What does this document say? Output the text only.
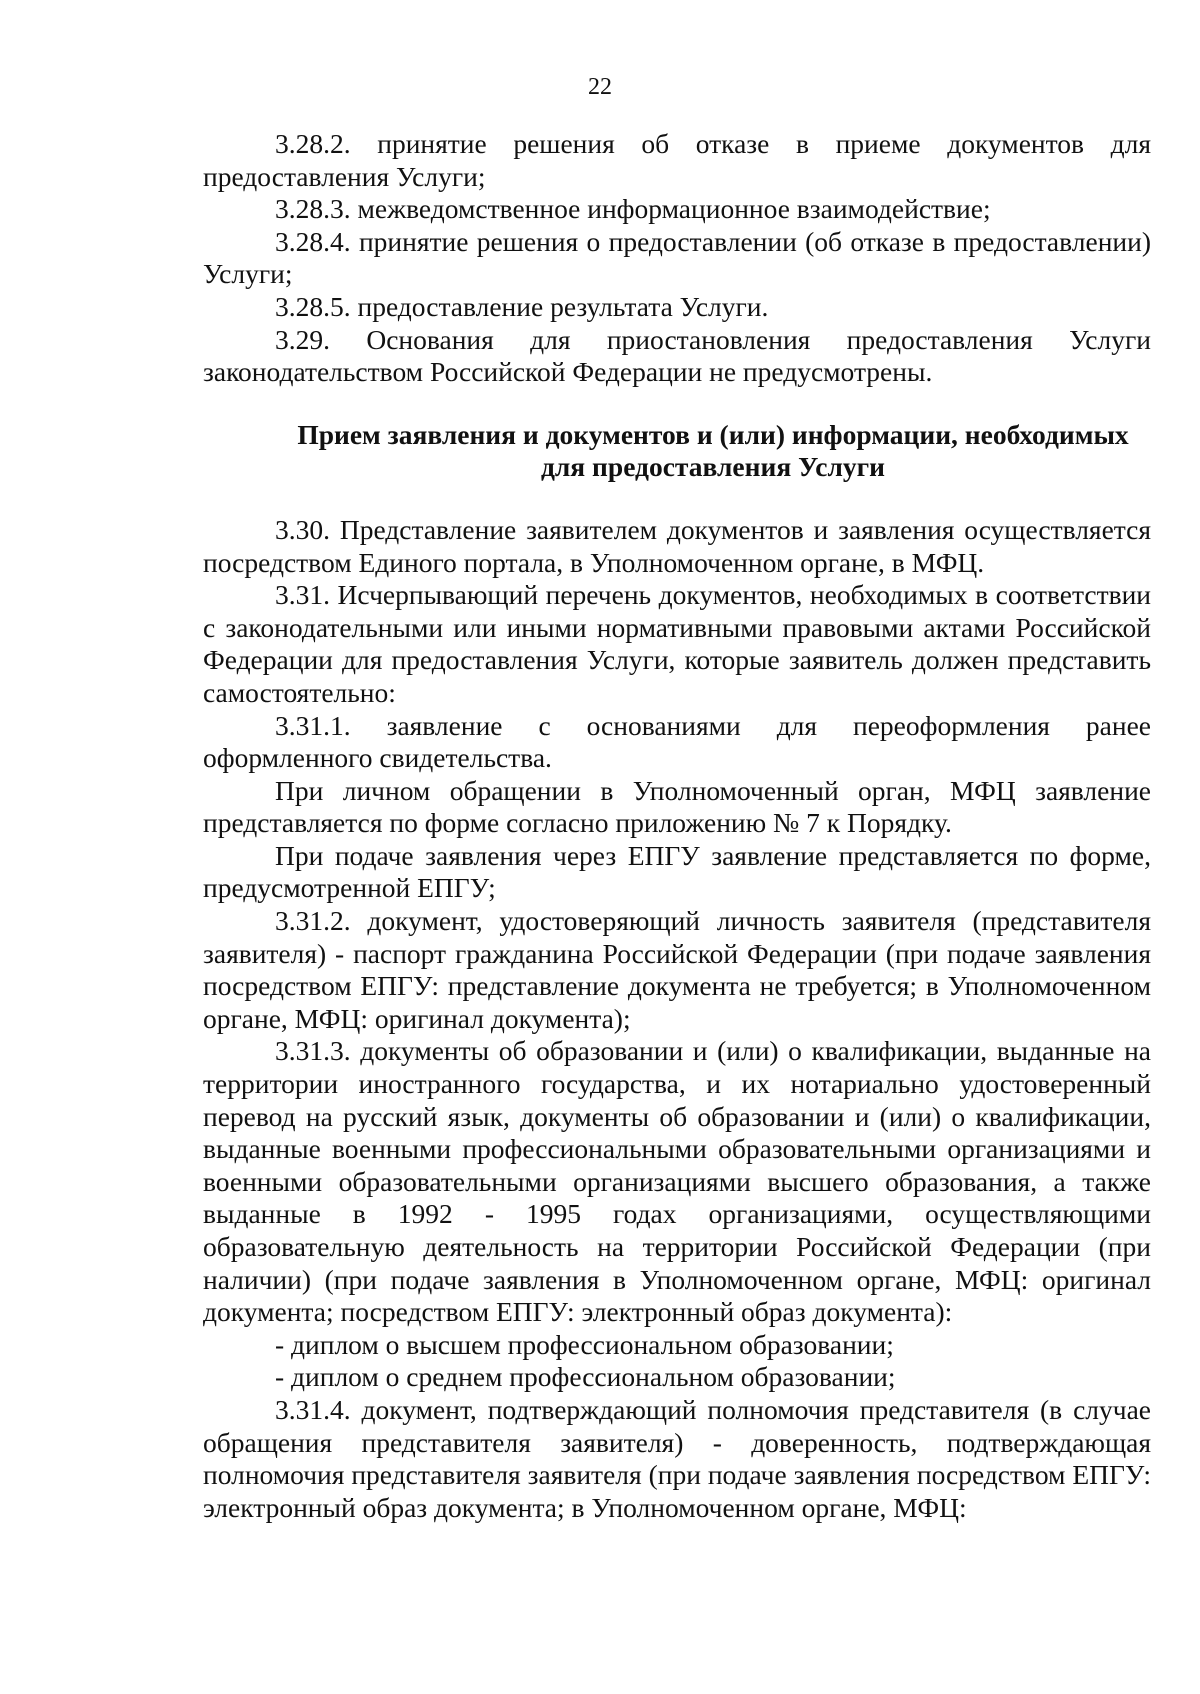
22

3.28.2. принятие решения об отказе в приеме документов для предоставления Услуги;

3.28.3. межведомственное информационное взаимодействие;

3.28.4. принятие решения о предоставлении (об отказе в предоставлении) Услуги;

3.28.5. предоставление результата Услуги.

3.29. Основания для приостановления предоставления Услуги законодательством Российской Федерации не предусмотрены.

Прием заявления и документов и (или) информации, необходимых для предоставления Услуги

3.30. Представление заявителем документов и заявления осуществляется посредством Единого портала, в Уполномоченном органе, в МФЦ.

3.31. Исчерпывающий перечень документов, необходимых в соответствии с законодательными или иными нормативными правовыми актами Российской Федерации для предоставления Услуги, которые заявитель должен представить самостоятельно:

3.31.1. заявление с основаниями для переоформления ранее оформленного свидетельства.

При личном обращении в Уполномоченный орган, МФЦ заявление представляется по форме согласно приложению № 7 к Порядку.

При подаче заявления через ЕПГУ заявление представляется по форме, предусмотренной ЕПГУ;

3.31.2. документ, удостоверяющий личность заявителя (представителя заявителя) - паспорт гражданина Российской Федерации (при подаче заявления посредством ЕПГУ: представление документа не требуется; в Уполномоченном органе, МФЦ: оригинал документа);

3.31.3. документы об образовании и (или) о квалификации, выданные на территории иностранного государства, и их нотариально удостоверенный перевод на русский язык, документы об образовании и (или) о квалификации, выданные военными профессиональными образовательными организациями и военными образовательными организациями высшего образования, а также выданные в 1992 - 1995 годах организациями, осуществляющими образовательную деятельность на территории Российской Федерации (при наличии) (при подаче заявления в Уполномоченном органе, МФЦ: оригинал документа; посредством ЕПГУ: электронный образ документа):

- диплом о высшем профессиональном образовании;

- диплом о среднем профессиональном образовании;

3.31.4. документ, подтверждающий полномочия представителя (в случае обращения представителя заявителя) - доверенность, подтверждающая полномочия представителя заявителя (при подаче заявления посредством ЕПГУ: электронный образ документа; в Уполномоченном органе, МФЦ:
